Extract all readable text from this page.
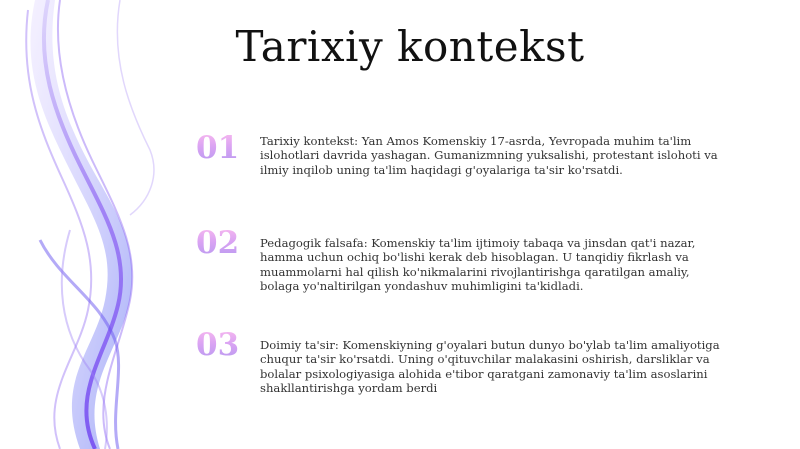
Tarixiy kontekst
01 Tarixiy kontekst: Yan Amos Komenskiy 17-asrda, Yevropada muhim ta'lim islohotlari davrida yashagan. Gumanizmning yuksalishi, protestant islohoti va ilmiy inqilob uning ta'lim haqidagi g'oyalariga ta'sir ko'rsatdi.
02 Pedagogik falsafa: Komenskiy ta'lim ijtimoiy tabaqa va jinsdan qat'i nazar, hamma uchun ochiq bo'lishi kerak deb hisoblagan. U tanqidiy fikrlash va muammolarni hal qilish ko'nikmalarini rivojlantirishga qaratilgan amaliy, bolaga yo'naltirilgan yondashuv muhimligini ta'kidladi.
03 Doimiy ta'sir: Komenskiyning g'oyalari butun dunyo bo'ylab ta'lim amaliyotiga chuqur ta'sir ko'rsatdi. Uning o'qituvchilar malakasini oshirish, darsliklar va bolalar psixologiyasiga alohida e'tibor qaratgani zamonaviy ta'lim asoslarini shakllantirishga yordam berdi
